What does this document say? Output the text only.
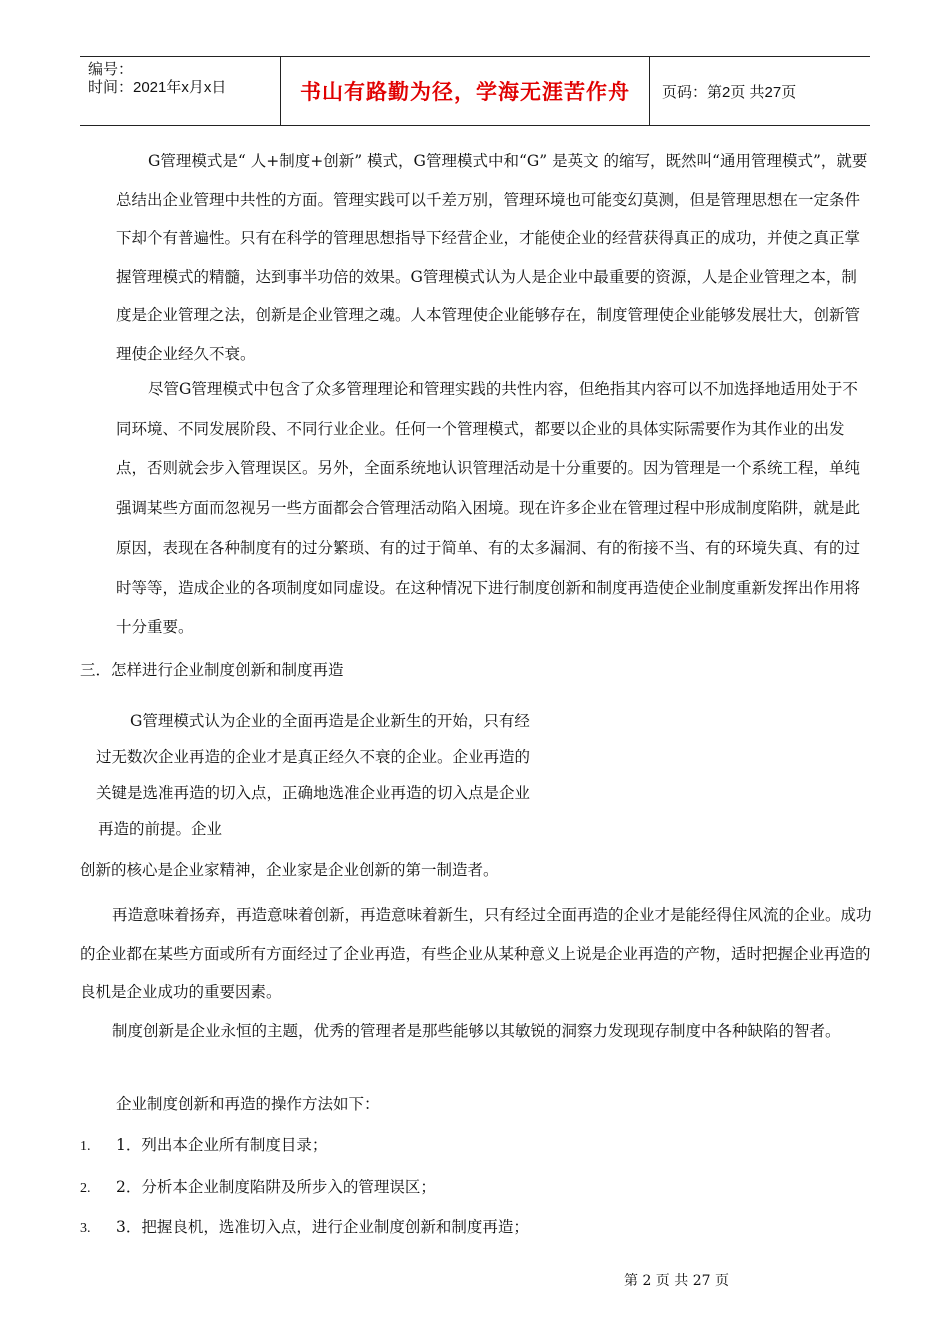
编号：
时间：2021年x月x日	书山有路勤为径，学海无涯苦作舟	页码：第2页 共27页
G管理模式是“ 人+制度+创新” 模式，G管理模式中和“G” 是英文 的缩写，既然叫“通用管理模式”，就要总结出企业管理中共性的方面。管理实践可以千差万别，管理环境也可能变幻莫测，但是管理思想在一定条件下却个有普遍性。只有在科学的管理思想指导下经营企业，才能使企业的经营获得真正的成功，并使之真正掌握管理模式的精髓，达到事半功倍的效果。G管理模式认为人是企业中最重要的资源，人是企业管理之本，制度是企业管理之法，创新是企业管理之魂。人本管理使企业能够存在，制度管理使企业能够发展壮大，创新管理使企业经久不衰。
尽管G管理模式中包含了众多管理理论和管理实践的共性内容，但绝指其内容可以不加选择地适用处于不同环境、不同发展阶段、不同行业企业。任何一个管理模式，都要以企业的具体实际需要作为其作业的出发点，否则就会步入管理误区。另外，全面系统地认识管理活动是十分重要的。因为管理是一个系统工程，单纯强调某些方面而忽视另一些方面都会合管理活动陷入困境。现在许多企业在管理过程中形成制度陷阱，就是此原因，表现在各种制度有的过分繁琐、有的过于简单、有的太多漏洞、有的衔接不当、有的环境失真、有的过时等等，造成企业的各项制度如同虚设。在这种情况下进行制度创新和制度再造使企业制度重新发挥出作用将十分重要。
三．怎样进行企业制度创新和制度再造
G管理模式认为企业的全面再造是企业新生的开始，只有经
过无数次企业再造的企业才是真正经久不衰的企业。企业再造的
关键是选准再造的切入点，正确地选准企业再造的切入点是企业
再造的前提。企业
创新的核心是企业家精神，企业家是企业创新的第一制造者。
再造意味着扬弃，再造意味着创新，再造意味着新生，只有经过全面再造的企业才是能经得住风流的企业。成功的企业都在某些方面或所有方面经过了企业再造，有些企业从某种意义上说是企业再造的产物，适时把握企业再造的良机是企业成功的重要因素。
制度创新是企业永恒的主题，优秀的管理者是那些能够以其敏锐的洞察力发现现存制度中各种缺陷的智者。
企业制度创新和再造的操作方法如下：
1. 1．列出本企业所有制度目录；
2. 2．分析本企业制度陷阱及所步入的管理误区；
3. 3．把握良机，选准切入点，进行企业制度创新和制度再造；
第 2 页 共 27 页
